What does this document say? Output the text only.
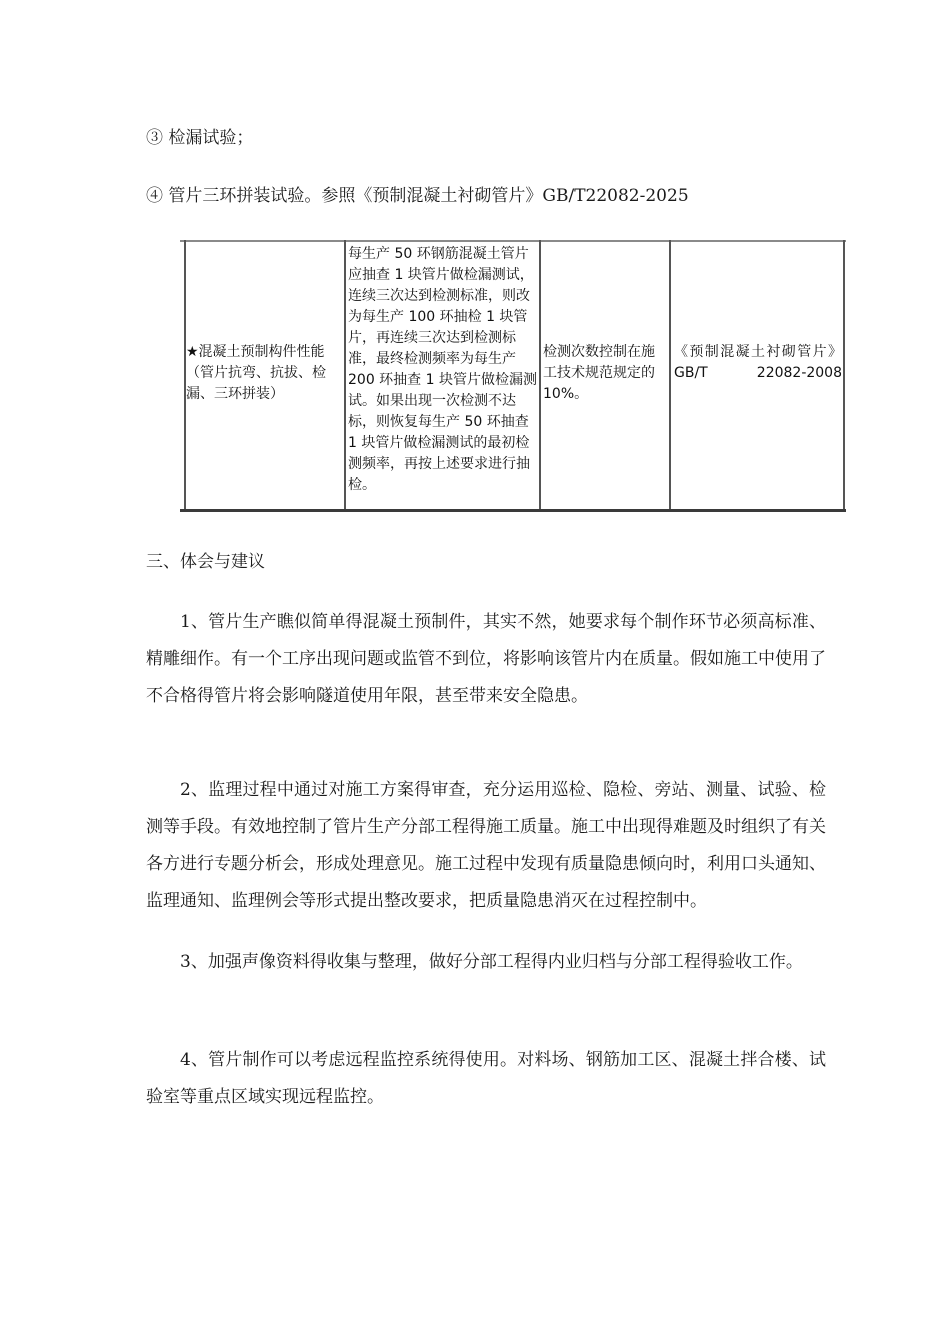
③ 检漏试验；
④ 管片三环拼装试验。参照《预制混凝土衬砌管片》GB/T22082-2025
★混凝土预制构件性能（管片抗弯、抗拔、检漏、三环拼装）
每生产 50 环钢筋混凝土管片应抽查 1 块管片做检漏测试，连续三次达到检测标准，则改为每生产 100 环抽检 1 块管片，再连续三次达到检测标准，最终检测频率为每生产 200 环抽查 1 块管片做检漏测试。如果出现一次检测不达标，则恢复每生产 50 环抽查 1 块管片做检漏测试的最初检测频率，再按上述要求进行抽检。
检测次数控制在施工技术规范规定的 10%。
《预制混凝土衬砌管片》GB/T 22082-2008
三、体会与建议
1、管片生产瞧似简单得混凝土预制件，其实不然，她要求每个制作环节必须高标准、精雕细作。有一个工序出现问题或监管不到位，将影响该管片内在质量。假如施工中使用了不合格得管片将会影响隧道使用年限，甚至带来安全隐患。
2、监理过程中通过对施工方案得审查，充分运用巡检、隐检、旁站、测量、试验、检测等手段。有效地控制了管片生产分部工程得施工质量。施工中出现得难题及时组织了有关各方进行专题分析会，形成处理意见。施工过程中发现有质量隐患倾向时，利用口头通知、监理通知、监理例会等形式提出整改要求，把质量隐患消灭在过程控制中。
3、加强声像资料得收集与整理，做好分部工程得内业归档与分部工程得验收工作。
4、管片制作可以考虑远程监控系统得使用。对料场、钢筋加工区、混凝土拌合楼、试验室等重点区域实现远程监控。
